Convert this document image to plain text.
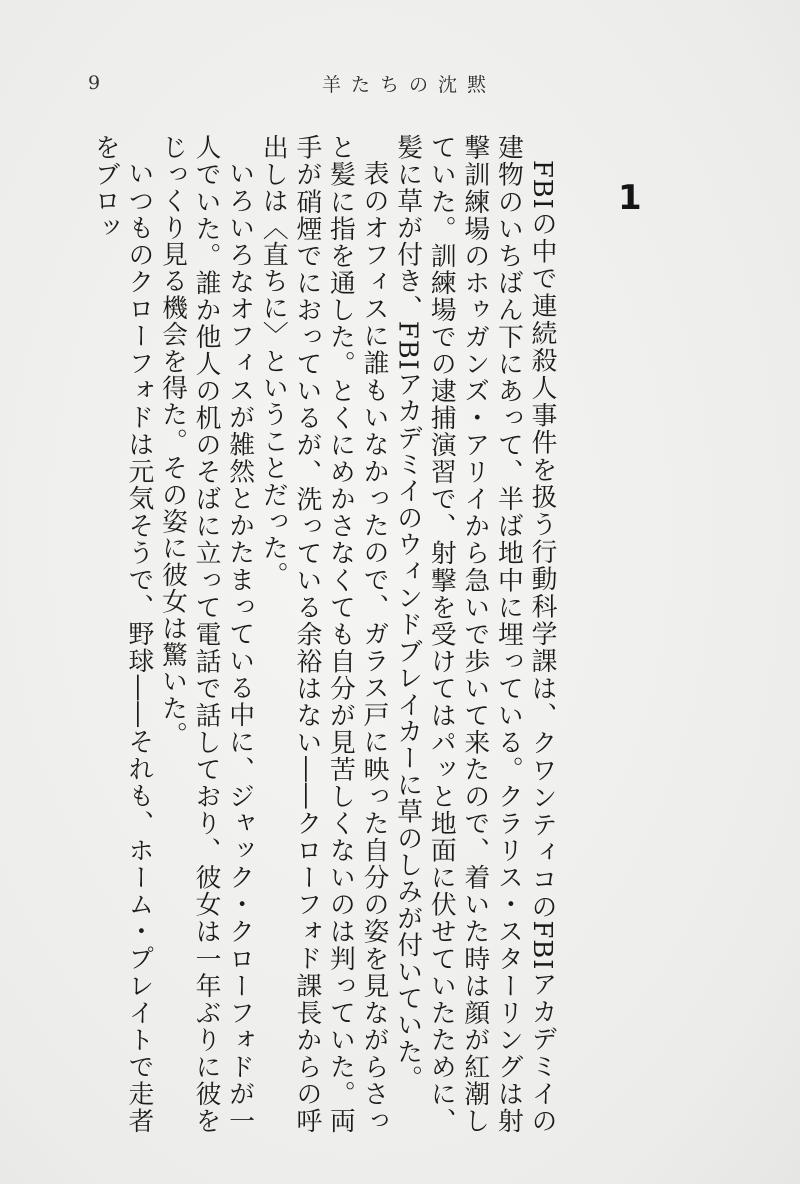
9	羊たちの沈黙
1

FBIの中で連続殺人事件を扱う行動科学課は、クワンティコのFBIアカデミイの建物のいちばん下にあって、半ば地中に埋っている。クラリス・スターリングは射撃訓練場のホゥガンズ・アリイから急いで歩いて来たので、着いた時は顔が紅潮していた。訓練場での逮捕演習で、射撃を受けてはパッと地面に伏せていたために、髪に草が付き、FBIアカデミイのウィンドブレイカーに草のしみが付いていた。

表のオフィスに誰もいなかったので、ガラス戸に映った自分の姿を見ながらさっと髪に指を通した。とくにめかさなくても自分が見苦しくないのは判っていた。両手が硝煙でにおっているが、洗っている余裕はない――クローフォド課長からの呼出しは〈直ちに〉ということだった。

いろいろなオフィスが雑然とかたまっている中に、ジャック・クローフォドが一人でいた。誰か他人の机のそばに立って電話で話しており、彼女は一年ぶりに彼をじっくり見る機会を得た。その姿に彼女は驚いた。

いつものクローフォドは元気そうで、野球――それも、ホーム・プレイトで走者をブロッ
